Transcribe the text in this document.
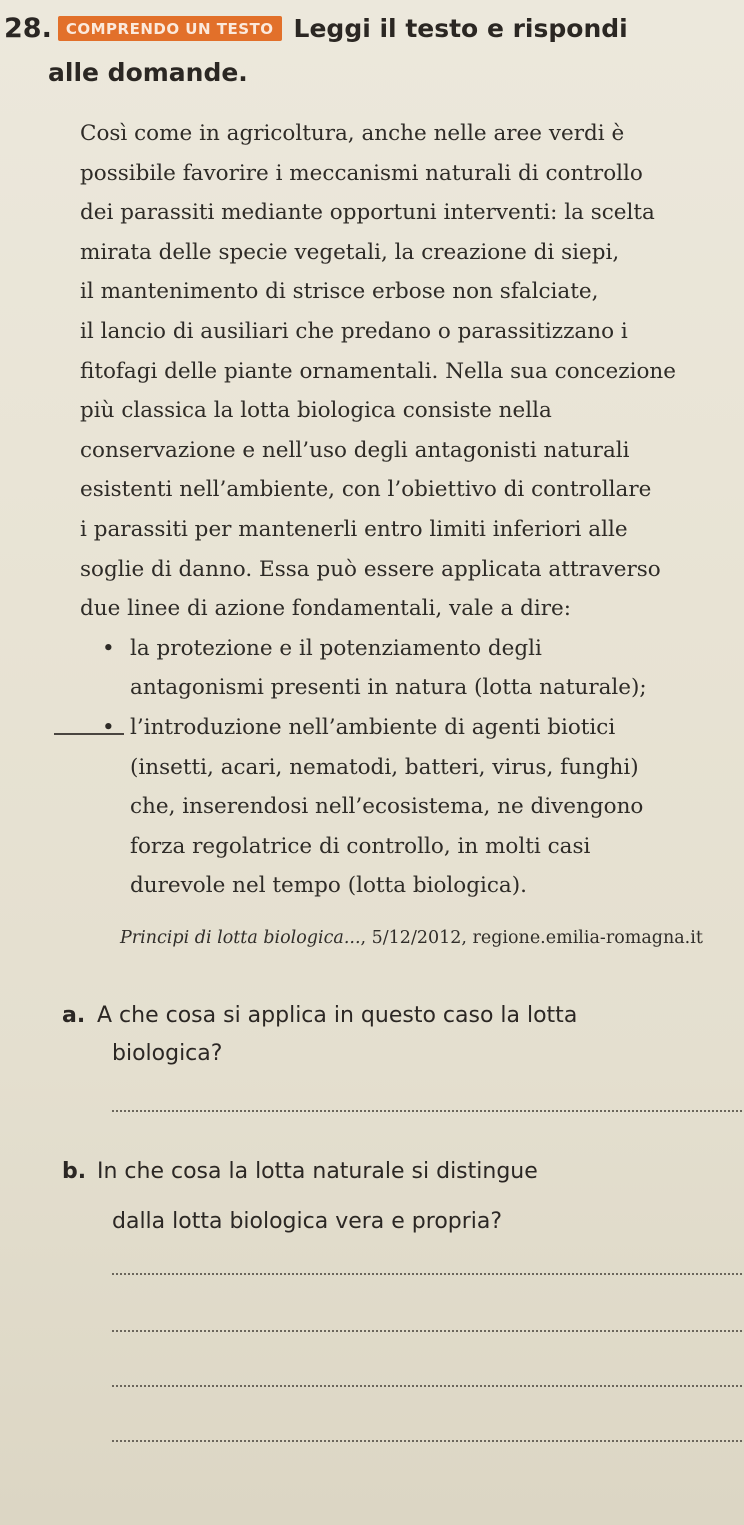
28. COMPRENDO UN TESTO Leggi il testo e rispondi
alle domande.
Così come in agricoltura, anche nelle aree verdi è
possibile favorire i meccanismi naturali di controllo
dei parassiti mediante opportuni interventi: la scelta
mirata delle specie vegetali, la creazione di siepi,
il mantenimento di strisce erbose non sfalciate,
il lancio di ausiliari che predano o parassitizzano i
fitofagi delle piante ornamentali. Nella sua concezione
più classica la lotta biologica consiste nella
conservazione e nell’uso degli antagonisti naturali
esistenti nell’ambiente, con l’obiettivo di controllare
i parassiti per mantenerli entro limiti inferiori alle
soglie di danno. Essa può essere applicata attraverso
due linee di azione fondamentali, vale a dire:
• la protezione e il potenziamento degli
antagonismi presenti in natura (lotta naturale);
• l’introduzione nell’ambiente di agenti biotici
(insetti, acari, nematodi, batteri, virus, funghi)
che, inserendosi nell’ecosistema, ne divengono
forza regolatrice di controllo, in molti casi
durevole nel tempo (lotta biologica).
Principi di lotta biologica..., 5/12/2012, regione.emilia-romagna.it
a. A che cosa si applica in questo caso la lotta
biologica?
b. In che cosa la lotta naturale si distingue
dalla lotta biologica vera e propria?
